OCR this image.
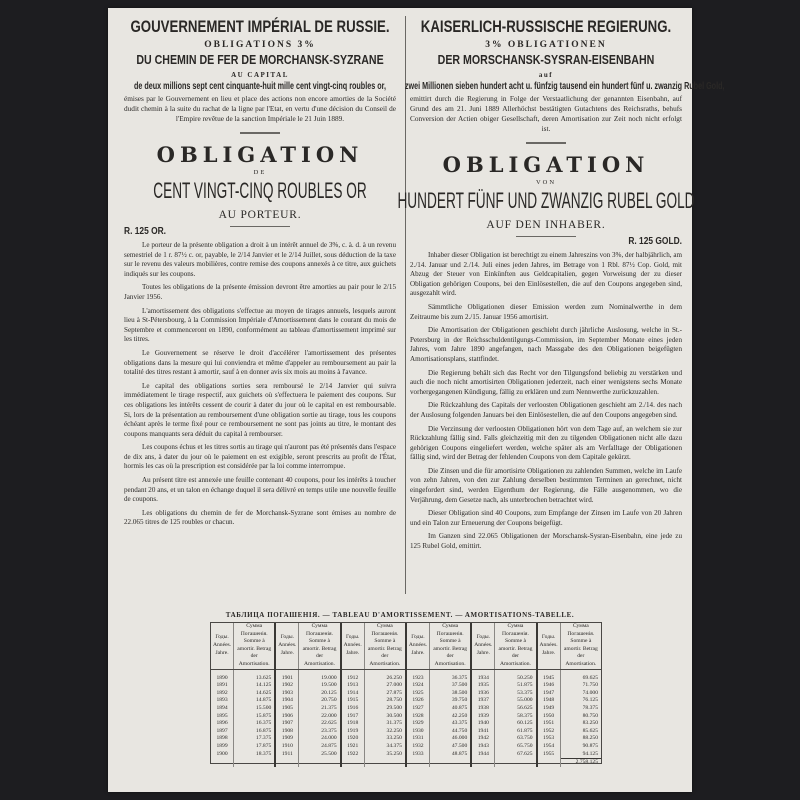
GOUVERNEMENT IMPÉRIAL DE RUSSIE.
OBLIGATIONS 3%
DU CHEMIN DE FER DE MORCHANSK-SYZRANE
AU CAPITAL
de deux millions sept cent cinquante-huit mille cent vingt-cinq roubles or,
émises par le Gouvernement en lieu et place des actions non encore amorties de la Société dudit chemin à la suite du rachat de la ligne par l'Etat, en vertu d'une décision du Conseil de l'Empire revêtue de la sanction Impériale le 21 Juin 1889.
OBLIGATION
DE
CENT VINGT-CINQ ROUBLES OR
AU PORTEUR.
R. 125 OR.

Le porteur de la présente obligation a droit à un intérêt annuel de 3%, c. à. d. à un revenu semestriel de 1 r. 87½ c. or, payable, le 2/14 Janvier et le 2/14 Juillet, sous déduction de la taxe sur le revenu des valeurs mobilières, contre remise des coupons annexés à ce titre, aux guichets indiqués sur les coupons.

Toutes les obligations de la présente émission devront être amorties au pair pour le 2/15 Janvier 1956.

L'amortissement des obligations s'effectue au moyen de tirages annuels, lesquels auront lieu à St-Pétersbourg, à la Commission Impériale d'Amortissement dans le courant du mois de Septembre et commenceront en 1890, conformément au tableau d'amortissement imprimé sur les titres.

Le Gouvernement se réserve le droit d'accélérer l'amortissement des présentes obligations dans la mesure qui lui conviendra et même d'appeler au remboursement au pair la totalité des titres restant à amortir, sauf à en donner avis six mois au moins à l'avance.

Le capital des obligations sorties sera remboursé le 2/14 Janvier qui suivra immédiatement le tirage respectif, aux guichets où s'effectuera le paiement des coupons. Sur ces obligations les intérêts cessent de courir à dater du jour où le capital en est remboursable. Si, lors de la présentation au remboursement d'une obligation sortie au tirage, tous les coupons échéant après le terme fixé pour ce remboursement ne sont pas joints au titre, le montant des coupons manquants sera déduit du capital à rembourser.

Les coupons échus et les titres sortis au tirage qui n'auront pas été présentés dans l'espace de dix ans, à dater du jour où le paiement en est exigible, seront prescrits au profit de l'État, hormis les cas où la prescription est considérée par la loi comme interrompue.

Au présent titre est annexée une feuille contenant 40 coupons, pour les intérêts à toucher pendant 20 ans, et un talon en échange duquel il sera délivré en temps utile une nouvelle feuille de coupons.

Les obligations du chemin de fer de Morchansk-Syzrane sont émises au nombre de 22.065 titres de 125 roubles or chacun.

KAISERLICH-RUSSISCHE REGIERUNG.
3% OBLIGATIONEN
DER MORSCHANSK-SYSRAN-EISENBAHN
auf
zwei Millionen sieben hundert acht u. fünfzig tausend ein hundert fünf u. zwanzig Rubel Gold,
emittirt durch die Regierung in Folge der Verstaatlichung der genannten Eisenbahn, auf Grund des am 21. Juni 1889 Allerhöchst bestätigten Gutachtens des Reichsraths, behufs Conversion der Actien obiger Gesellschaft, deren Amortisation zur Zeit noch nicht erfolgt ist.
OBLIGATION
VON
HUNDERT FÜNF UND ZWANZIG RUBEL GOLD
AUF DEN INHABER.
R. 125 GOLD.

Inhaber dieser Obligation ist berechtigt zu einem Jahreszins von 3%, der halbjährlich, am 2./14. Januar und 2./14. Juli eines jeden Jahres, im Betrage von 1 Rbl. 87½ Cop. Gold, mit Abzug der Steuer von Einkünften aus Geldcapitalien, gegen Vorweisung der zu dieser Obligation gehörigen Coupons, bei den Einlösestellen, die auf den Coupons angegeben sind, ausgezahlt wird.

Sämmtliche Obligationen dieser Emission werden zum Nominalwerthe in dem Zeitraume bis zum 2./15. Januar 1956 amortisirt.

Die Amortisation der Obligationen geschieht durch jährliche Auslosung, welche in St.-Petersburg in der Reichsschuldentilgungs-Commission, im September Monate eines jeden Jahres, vom Jahre 1890 angefangen, nach Massgabe des den Obligationen beigefügten Amortisationsplans, stattfindet.

Die Regierung behält sich das Recht vor den Tilgungsfond beliebig zu verstärken und auch die noch nicht amortisirten Obligationen jederzeit, nach einer wenigstens sechs Monate vorhergegangenen Kündigung, fällig zu erklären und zum Nennwerthe zurückzuzahlen.

Die Rückzahlung des Capitals der verloosten Obligationen geschieht am 2./14. des nach der Auslosung folgenden Januars bei den Einlösestellen, die auf den Coupons angegeben sind.

Die Verzinsung der verloosten Obligationen hört von dem Tage auf, an welchem sie zur Rückzahlung fällig sind. Falls gleichzeitig mit den zu tilgenden Obligationen nicht alle dazu gehörigen Coupons eingeliefert werden, welche später als am Verfalltage der Obligationen fällig sind, wird der Betrag der fehlenden Coupons von dem Capitale gekürzt.

Die Zinsen und die für amortisirte Obligationen zu zahlenden Summen, welche im Laufe von zehn Jahren, von den zur Zahlung derselben bestimmten Terminen an gerechnet, nicht eingefordert sind, werden Eigenthum der Regierung, die Fälle ausgenommen, wo die Verjährung, dem Gesetze nach, als unterbrochen betrachtet wird.

Dieser Obligation sind 40 Coupons, zum Empfange der Zinsen im Laufe von 20 Jahren und ein Talon zur Erneuerung der Coupons beigefügt.

Im Ganzen sind 22.065 Obligationen der Morschansk-Sysran-Eisenbahn, eine jede zu 125 Rubel Gold, emittirt.

ТАБЛИЦА ПОГАШЕНІЯ. — TABLEAU D'AMORTISSEMENT. — AMORTISATIONS-TABELLE.
Годы. Années. Jahre.	Сумма Погашенія. Somme à amortir. Betrag der Amortisation.	Годы. Années. Jahre.	Сумма Погашенія. Somme à amortir. Betrag der Amortisation.	Годы. Années. Jahre.	Сумма Погашенія. Somme à amortir. Betrag der Amortisation.	Годы. Années. Jahre.	Сумма Погашенія. Somme à amortir. Betrag der Amortisation.	Годы. Années. Jahre.	Сумма Погашенія. Somme à amortir. Betrag der Amortisation.	Годы. Années. Jahre.	Сумма Погашенія. Somme à amortir. Betrag der Amortisation.
1890	13.625	1901	19.000	1912	26.250	1923	36.375	1934	50.250	1945	69.625
1891	14.125	1902	19.500	1913	27.000	1924	37.500	1935	51.875	1946	71.750
1892	14.625	1903	20.125	1914	27.875	1925	38.500	1936	53.375	1947	74.000
1893	14.875	1904	20.750	1915	28.750	1926	39.750	1937	55.000	1948	76.125
1894	15.500	1905	21.375	1916	29.500	1927	40.875	1938	56.625	1949	78.375
1895	15.875	1906	22.000	1917	30.500	1928	42.250	1939	58.375	1950	80.750
1896	16.375	1907	22.625	1918	31.375	1929	43.375	1940	60.125	1951	83.250
1897	16.875	1908	23.375	1919	32.250	1930	44.750	1941	61.875	1952	85.625
1898	17.375	1909	24.000	1920	33.250	1931	46.000	1942	63.750	1953	88.250
1899	17.875	1910	24.875	1921	34.375	1932	47.500	1943	65.750	1954	90.875
1900	18.375	1911	25.500	1922	35.250	1933	48.875	1944	67.625	1955	94.125
											2.758.125
